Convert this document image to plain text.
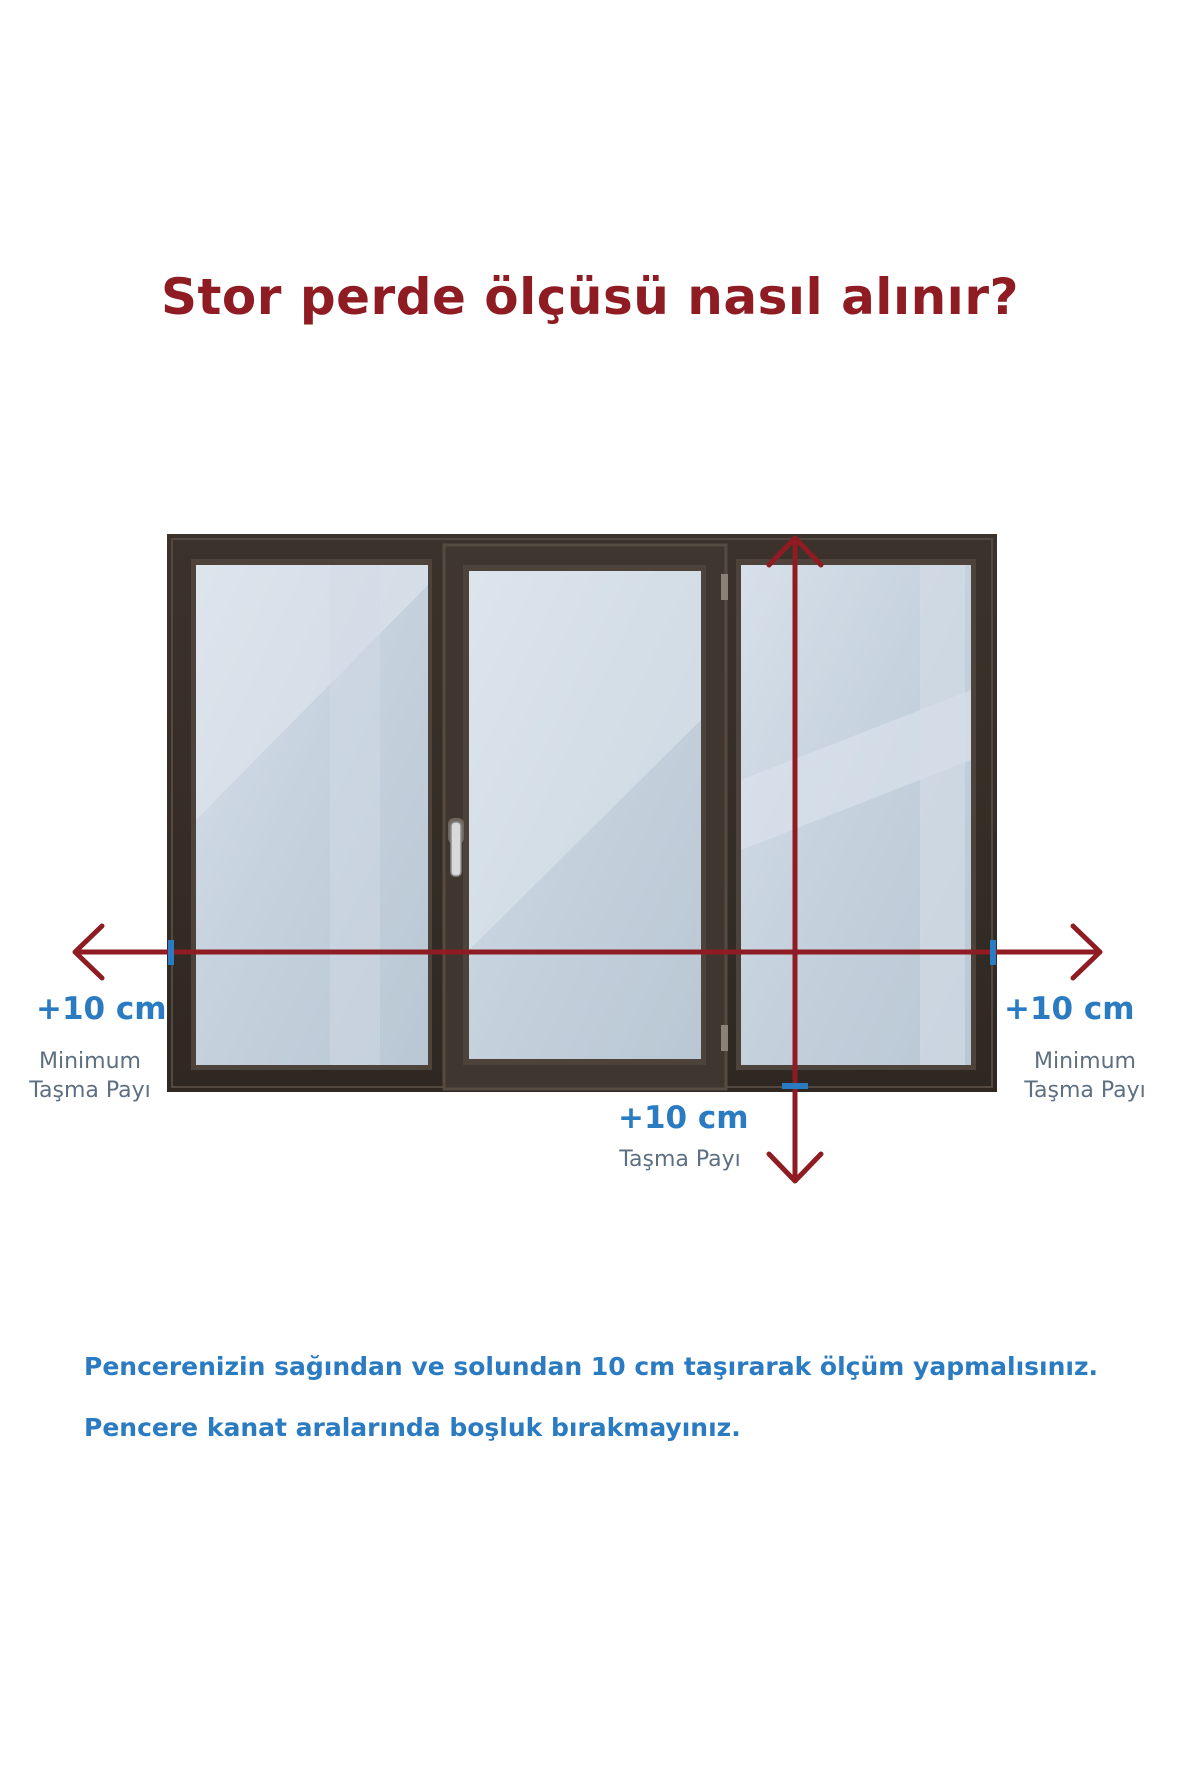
Stor perde ölçüsü nasıl alınır?
+10 cm
Minimum
Taşma Payı
+10 cm
Minimum
Taşma Payı
+10 cm
Taşma Payı
Pencerenizin sağından ve solundan 10 cm taşırarak ölçüm yapmalısınız.
Pencere kanat aralarında boşluk bırakmayınız.
